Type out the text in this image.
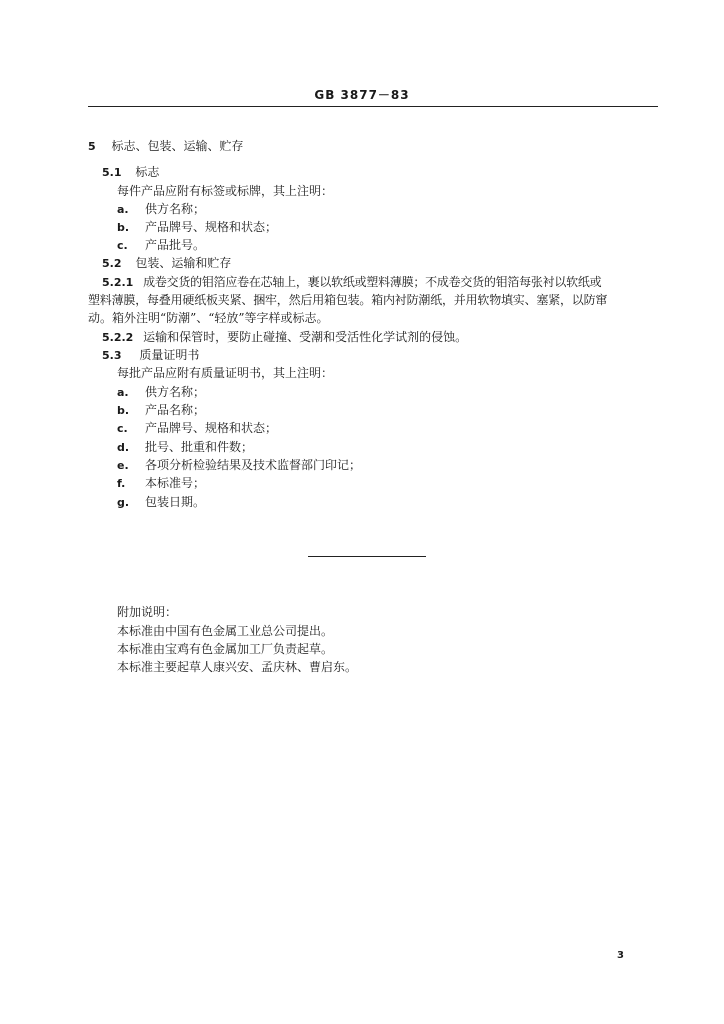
GB 3877－83
5 标志、包装、运输、贮存
5.1 标志
每件产品应附有标签或标牌，其上注明：
a. 供方名称；
b. 产品牌号、规格和状态；
c. 产品批号。
5.2 包装、运输和贮存
5.2.1 成卷交货的钼箔应卷在芯轴上，裹以软纸或塑料薄膜；不成卷交货的钼箔每张衬以软纸或
塑料薄膜，每叠用硬纸板夹紧、捆牢，然后用箱包装。箱内衬防潮纸，并用软物填实、塞紧，以防窜
动。箱外注明“防潮”、“轻放”等字样或标志。
5.2.2 运输和保管时，要防止碰撞、受潮和受活性化学试剂的侵蚀。
5.3 质量证明书
每批产品应附有质量证明书，其上注明：
a. 供方名称；
b. 产品名称；
c. 产品牌号、规格和状态；
d. 批号、批重和件数；
e. 各项分析检验结果及技术监督部门印记；
f. 本标准号；
g. 包装日期。
附加说明：
本标准由中国有色金属工业总公司提出。
本标准由宝鸡有色金属加工厂负责起草。
本标准主要起草人康兴安、孟庆林、曹启东。
3
